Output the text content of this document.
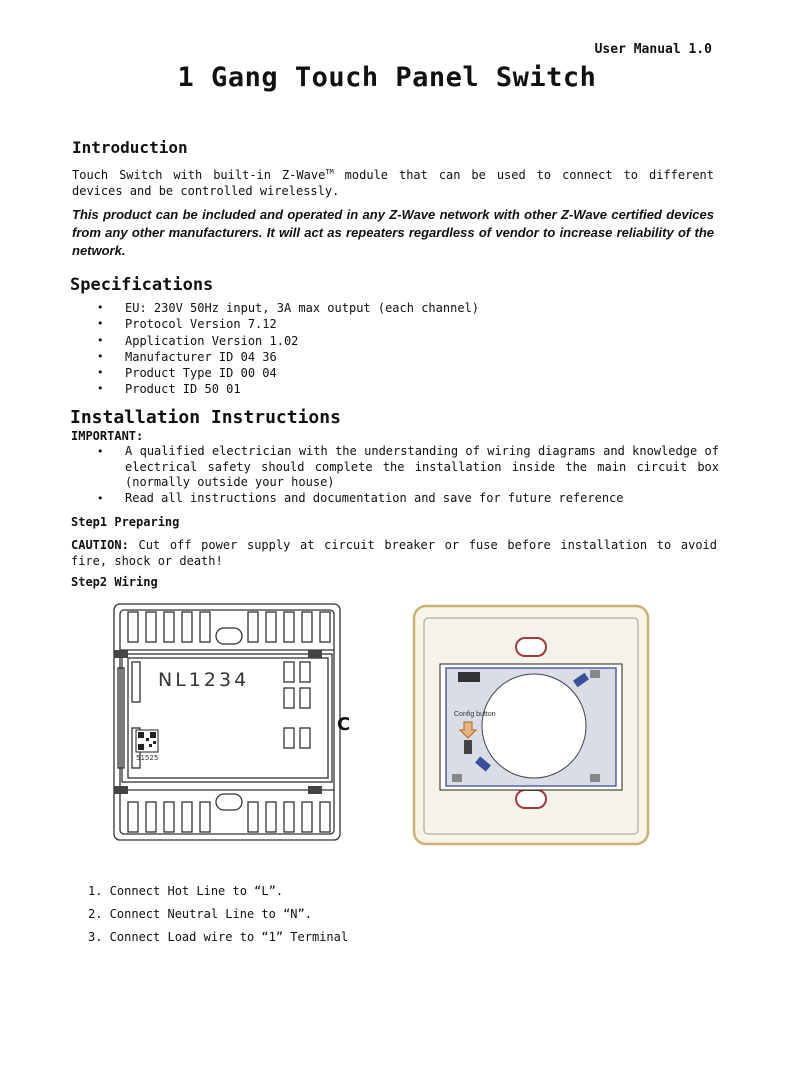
User Manual 1.0
1 Gang Touch Panel Switch
Introduction
Touch Switch with built-in Z-Wave™ module that can be used to connect to different devices and be controlled wirelessly.
This product can be included and operated in any Z-Wave network with other Z-Wave certified devices from any other manufacturers. It will act as repeaters regardless of vendor to increase reliability of the network.
Specifications
• EU: 230V 50Hz input, 3A max output (each channel)
• Protocol Version 7.12
• Application Version 1.02
• Manufacturer ID 04 36
• Product Type ID 00 04
• Product ID 50 01
Installation Instructions
IMPORTANT:
• A qualified electrician with the understanding of wiring diagrams and knowledge of electrical safety should complete the installation inside the main circuit box (normally outside your house)
• Read all instructions and documentation and save for future reference
Step1 Preparing
CAUTION: Cut off power supply at circuit breaker or fuse before installation to avoid fire, shock or death!
Step2 Wiring
NL1234
51525
C	Config button
1. Connect Hot Line to “L”.
2. Connect Neutral Line to “N”.
3. Connect Load wire to “1” Terminal
